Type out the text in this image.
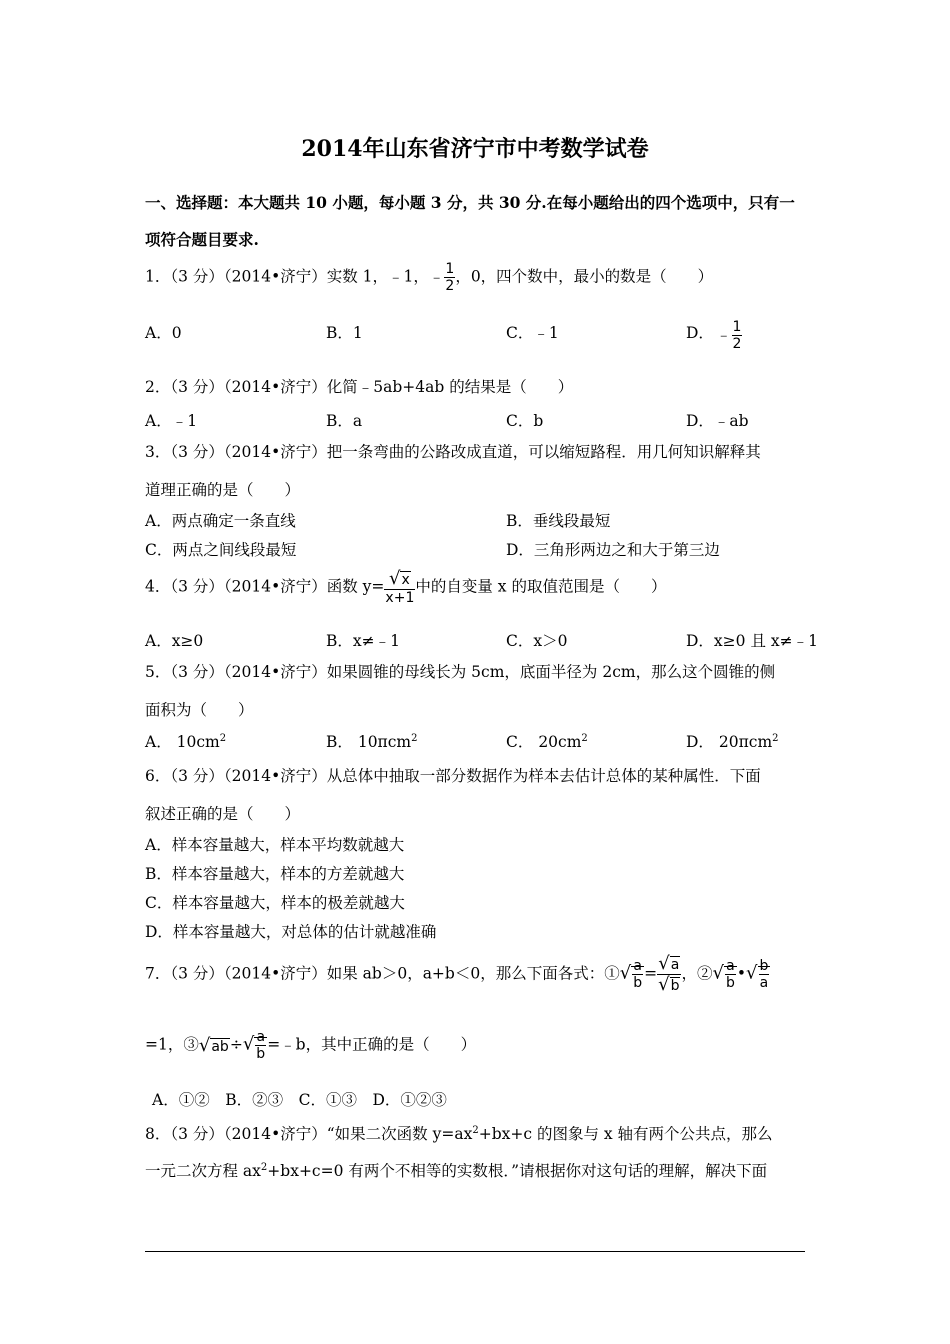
2014年山东省济宁市中考数学试卷
一、选择题：本大题共 10 小题，每小题 3 分，共 30 分.在每小题给出的四个选项中，只有一
项符合题目要求.
1．（3 分）（2014•济宁）实数 1，﹣1，﹣ $\frac{1}{2}$ ，0，四个数中，最小的数是（　　）
A．0	B．1	C．﹣1	D． ﹣ $\frac{1}{2}$
2．（3 分）（2014•济宁）化简﹣5ab+4ab 的结果是（　　）
A．﹣1	B．a	C．b	D．﹣ab
3．（3 分）（2014•济宁）把一条弯曲的公路改成直道，可以缩短路程．用几何知识解释其
道理正确的是（　　）
A．两点确定一条直线	B．垂线段最短
C．两点之间线段最短	D．三角形两边之和大于第三边
4．（3 分）（2014•济宁）函数 $y= \frac{√x}{x+1}$ 中的自变量 x 的取值范围是（　　）
A．x≥0	B．x≠﹣1	C．x＞0	D．x≥0 且 x≠﹣1
5．（3 分）（2014•济宁）如果圆锥的母线长为 5cm，底面半径为 2cm，那么这个圆锥的侧
面积为（　　）
A． $10cm^2$	B． 10πcm$^2$	C． $20cm^2$	D． 20πcm$^2$
6．（3 分）（2014•济宁）从总体中抽取一部分数据作为样本去估计总体的某种属性．下面
叙述正确的是（　　）
A．样本容量越大，样本平均数就越大
B．样本容量越大，样本的方差就越大
C．样本容量越大，样本的极差就越大
D．样本容量越大，对总体的估计就越准确
7．（3 分）（2014•济宁）如果 ab＞0，a+b＜0，那么下面各式：①√ $\frac{a}{b} = \frac{√a}{√b}$ ，②√ $\frac{a}{b}$ •√ $\frac{b}{a}$
=1，③√ab÷√ $\frac{a}{b}$ =﹣b，其中正确的是（　　）
A．①②　B．②③　C．①③　D．①②③
8．（3 分）（2014•济宁）“如果二次函数 $y=ax^2+bx+c$ 的图象与 x 轴有两个公共点，那么
一元二次方程 $ax^2+bx+c=0$ 有两个不相等的实数根．”请根据你对这句话的理解，解决下面
